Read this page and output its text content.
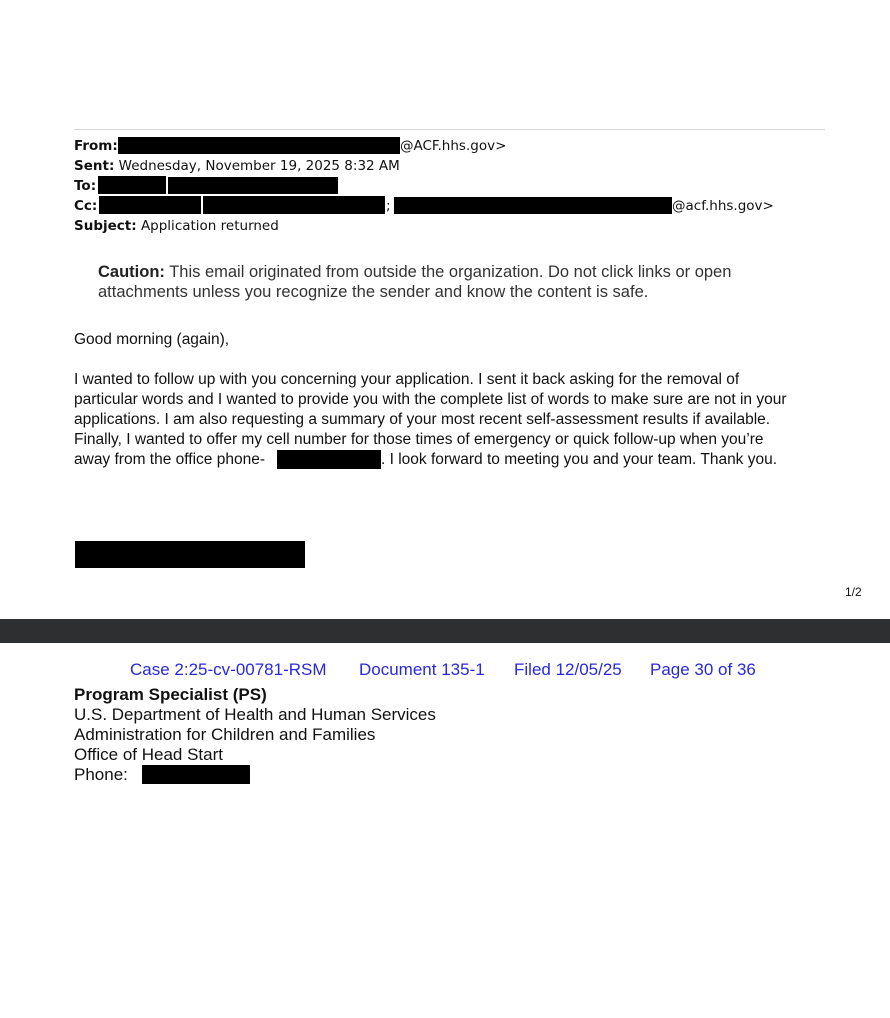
From:	@ACF.hhs.gov>
Sent: Wednesday, November 19, 2025 8:32 AM
To:
Cc:	;	@acf.hhs.gov>
Subject: Application returned
Caution: This email originated from outside the organization. Do not click links or open
attachments unless you recognize the sender and know the content is safe.
Good morning (again),
I wanted to follow up with you concerning your application. I sent it back asking for the removal of
particular words and I wanted to provide you with the complete list of words to make sure are not in your
applications. I am also requesting a summary of your most recent self-assessment results if available.
Finally, I wanted to offer my cell number for those times of emergency or quick follow-up when you’re
away from the office phone-	. I look forward to meeting you and your team. Thank you.
1/2
Case 2:25-cv-00781-RSM Document 135-1 Filed 12/05/25 Page 30 of 36
Program Specialist (PS)
U.S. Department of Health and Human Services
Administration for Children and Families
Office of Head Start
Phone:
